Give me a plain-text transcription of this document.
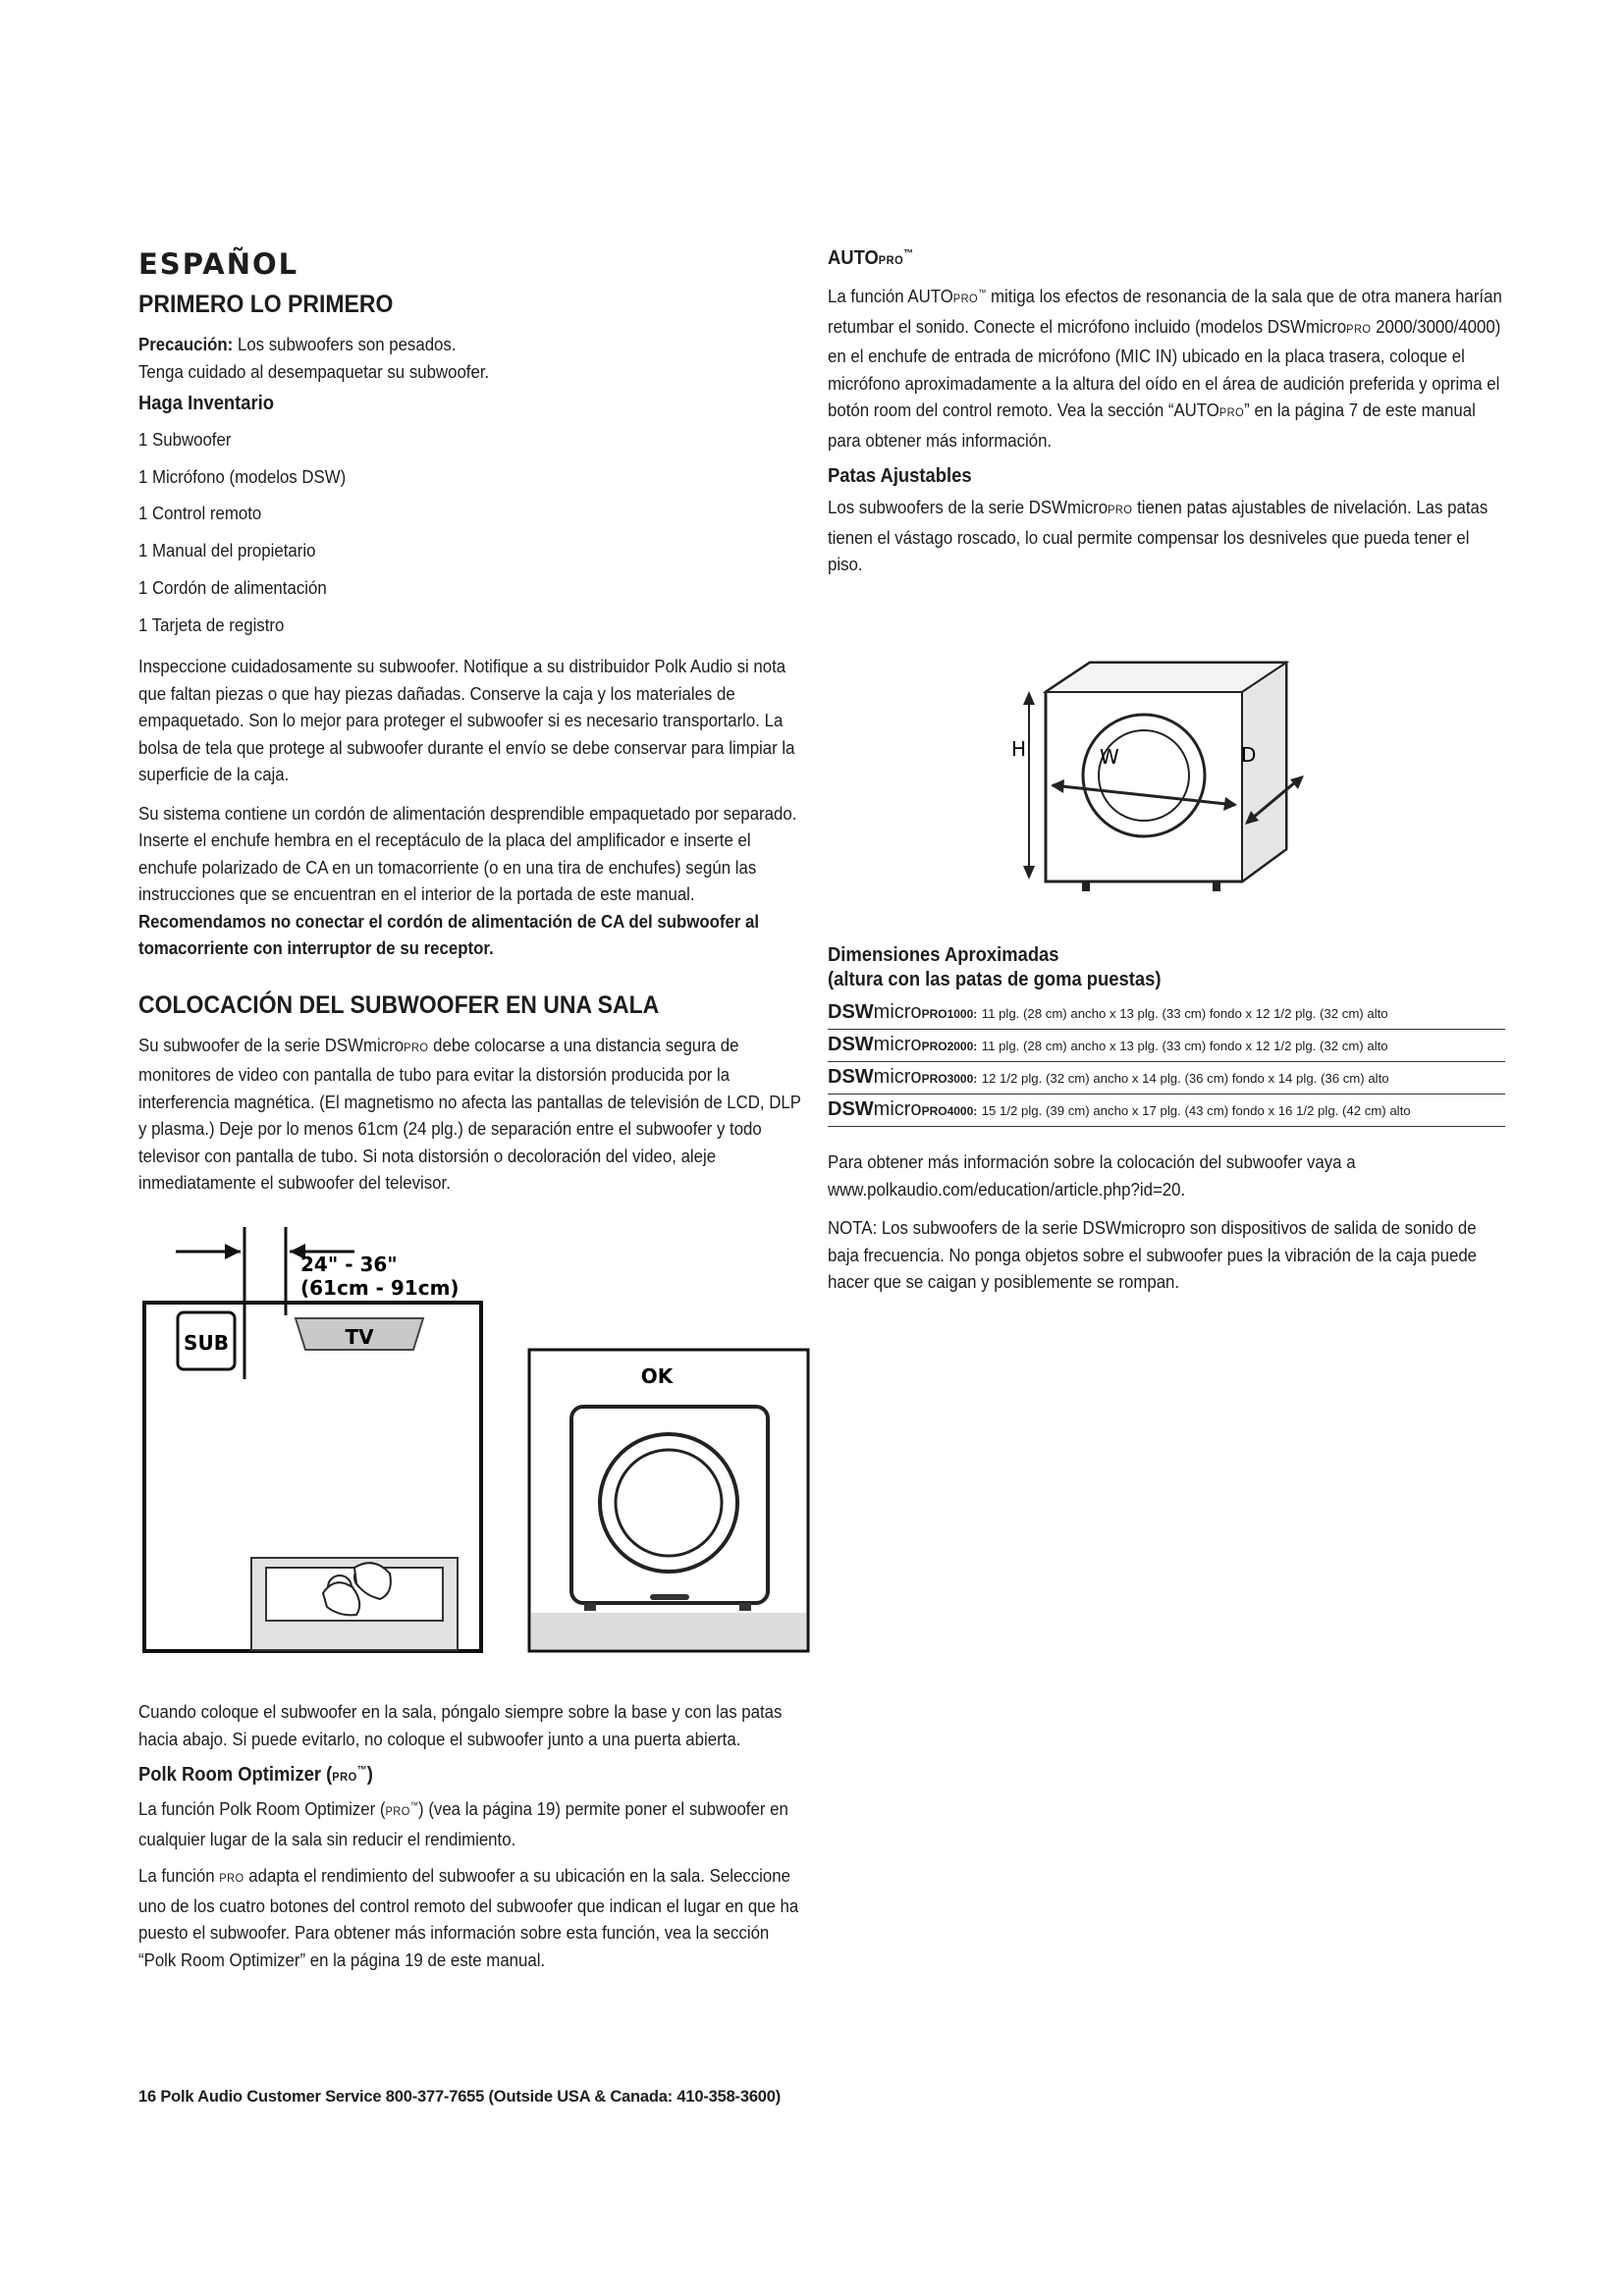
ESPAÑOL
PRIMERO LO PRIMERO

Precaución: Los subwoofers son pesados.
Tenga cuidado al desempaquetar su subwoofer.

Haga Inventario
1 Subwoofer
1 Micrófono (modelos DSW)
1 Control remoto
1 Manual del propietario
1 Cordón de alimentación
1 Tarjeta de registro

Inspeccione cuidadosamente su subwoofer. Notifique a su distribuidor Polk Audio si nota que faltan piezas o que hay piezas dañadas. Conserve la caja y los materiales de empaquetado. Son lo mejor para proteger el subwoofer si es necesario transportarlo. La bolsa de tela que protege al subwoofer durante el envío se debe conservar para limpiar la superficie de la caja.

Su sistema contiene un cordón de alimentación desprendible empaquetado por separado. Inserte el enchufe hembra en el receptáculo de la placa del amplificador e inserte el enchufe polarizado de CA en un tomacorriente (o en una tira de enchufes) según las instrucciones que se encuentran en el interior de la portada de este manual. Recomendamos no conectar el cordón de alimentación de CA del subwoofer al tomacorriente con interruptor de su receptor.

COLOCACIÓN DEL SUBWOOFER EN UNA SALA

Su subwoofer de la serie DSWmicroPRO debe colocarse a una distancia segura de monitores de video con pantalla de tubo para evitar la distorsión producida por la interferencia magnética. (El magnetismo no afecta las pantallas de televisión de LCD, DLP y plasma.) Deje por lo menos 61cm (24 plg.) de separación entre el subwoofer y todo televisor con pantalla de tubo. Si nota distorsión o decoloración del video, aleje inmediatamente el subwoofer del televisor.

24" - 36"
(61cm - 91cm)
SUB	TV
OK

Cuando coloque el subwoofer en la sala, póngalo siempre sobre la base y con las patas hacia abajo. Si puede evitarlo, no coloque el subwoofer junto a una puerta abierta.

Polk Room Optimizer (PRO™)

La función Polk Room Optimizer (PRO™) (vea la página 19) permite poner el subwoofer en cualquier lugar de la sala sin reducir el rendimiento.

La función PRO adapta el rendimiento del subwoofer a su ubicación en la sala. Seleccione uno de los cuatro botones del control remoto del subwoofer que indican el lugar en que ha puesto el subwoofer. Para obtener más información sobre esta función, vea la sección “Polk Room Optimizer” en la página 19 de este manual.

AUTOPRO™

La función AUTOPRO™ mitiga los efectos de resonancia de la sala que de otra manera harían retumbar el sonido. Conecte el micrófono incluido (modelos DSWmicroPRO 2000/3000/4000) en el enchufe de entrada de micrófono (MIC IN) ubicado en la placa trasera, coloque el micrófono aproximadamente a la altura del oído en el área de audición preferida y oprima el botón room del control remoto. Vea la sección “AUTOPRO” en la página 7 de este manual para obtener más información.

Patas Ajustables

Los subwoofers de la serie DSWmicroPRO tienen patas ajustables de nivelación. Las patas tienen el vástago roscado, lo cual permite compensar los desniveles que pueda tener el piso.

H	W	D
Dimensiones Aproximadas
(altura con las patas de goma puestas)
DSWmicroPRO1000: 11 plg. (28 cm) ancho x 13 plg. (33 cm) fondo x 12 1/2 plg. (32 cm) alto
DSWmicroPRO2000: 11 plg. (28 cm) ancho x 13 plg. (33 cm) fondo x 12 1/2 plg. (32 cm) alto
DSWmicroPRO3000: 12 1/2 plg. (32 cm) ancho x 14 plg. (36 cm) fondo x 14 plg. (36 cm) alto
DSWmicroPRO4000: 15 1/2 plg. (39 cm) ancho x 17 plg. (43 cm) fondo x 16 1/2 plg. (42 cm) alto

Para obtener más información sobre la colocación del subwoofer vaya a www.polkaudio.com/education/article.php?id=20.

NOTA: Los subwoofers de la serie DSWmicropro son dispositivos de salida de sonido de baja frecuencia. No ponga objetos sobre el subwoofer pues la vibración de la caja puede hacer que se caigan y posiblemente se rompan.

16 Polk Audio Customer Service 800-377-7655 (Outside USA & Canada: 410-358-3600)
